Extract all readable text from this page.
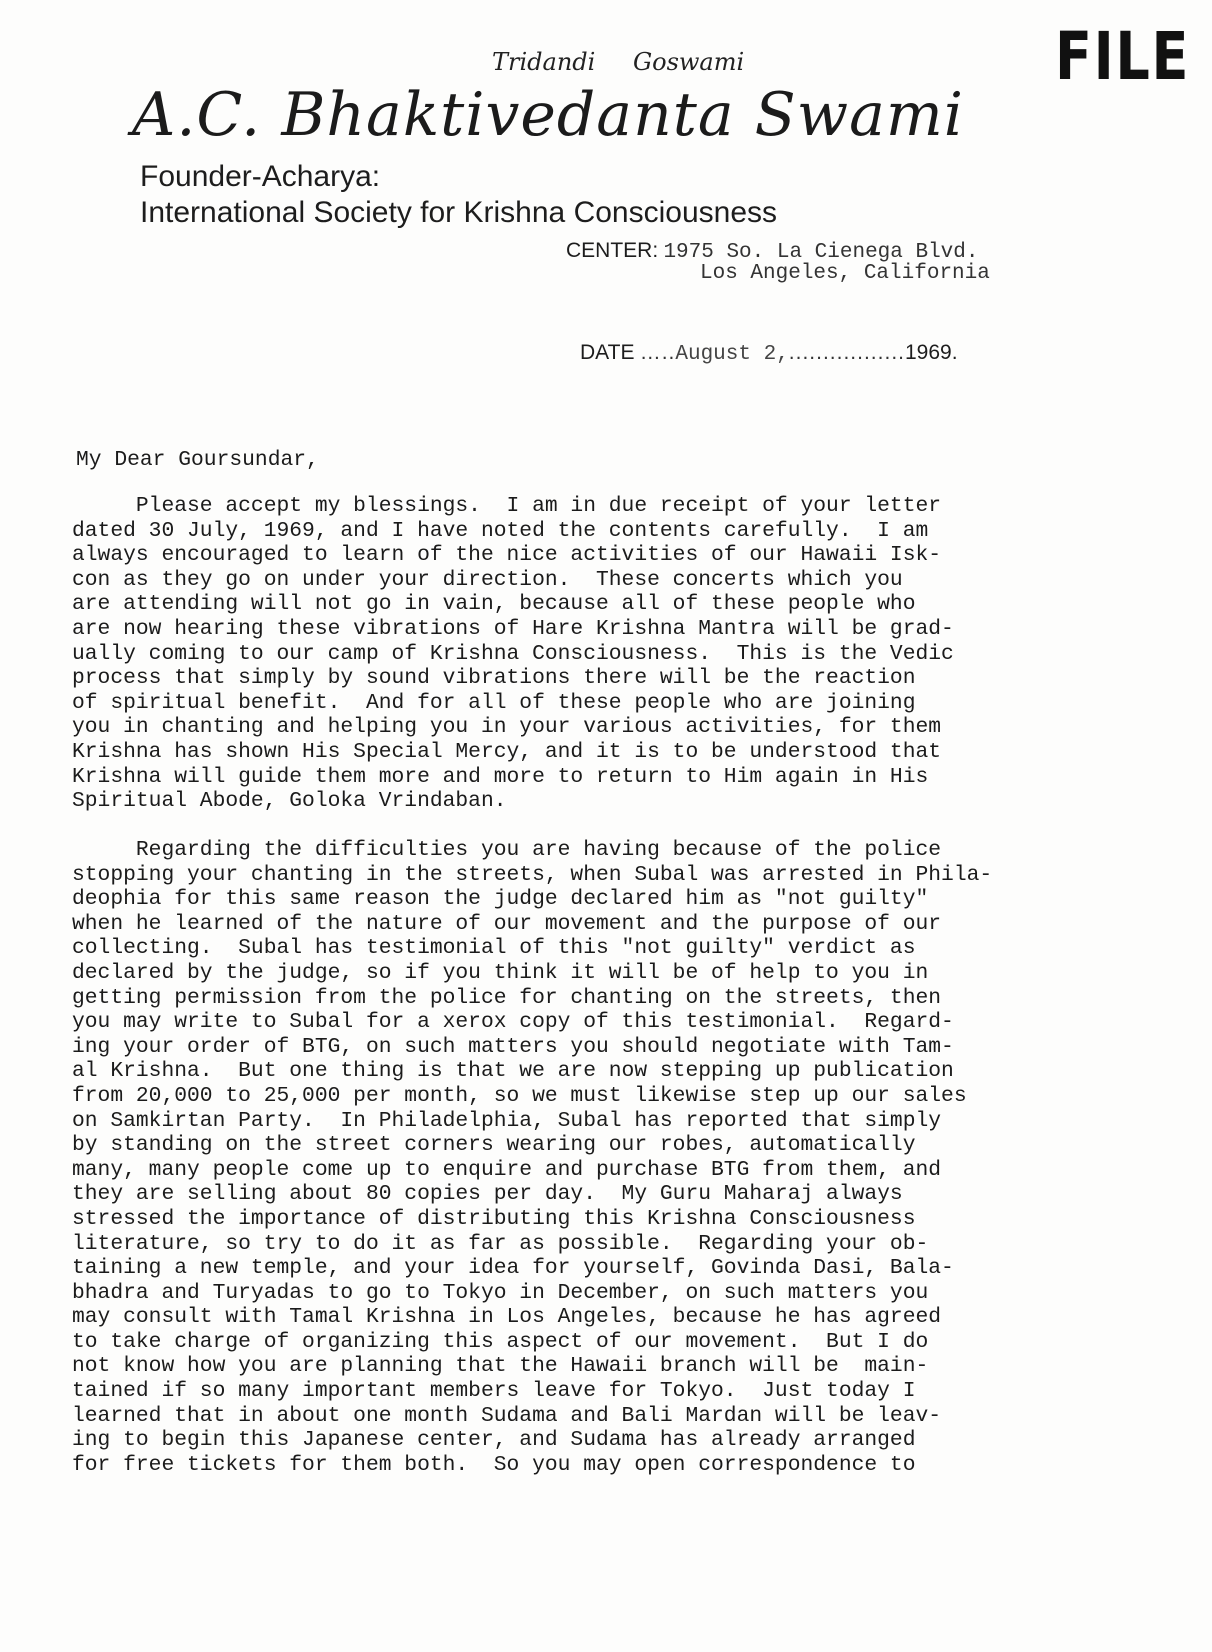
FILE
Tridandi Goswami
A.C. Bhaktivedanta Swami
Founder-Acharya:
International Society for Krishna Consciousness
CENTER: 1975 So. La Cienega Blvd.
Los Angeles, California
DATE …..August 2,.................1969.
My Dear Goursundar,
Please accept my blessings.  I am in due receipt of your letter
dated 30 July, 1969, and I have noted the contents carefully.  I am
always encouraged to learn of the nice activities of our Hawaii Isk-
con as they go on under your direction.  These concerts which you
are attending will not go in vain, because all of these people who
are now hearing these vibrations of Hare Krishna Mantra will be grad-
ually coming to our camp of Krishna Consciousness.  This is the Vedic
process that simply by sound vibrations there will be the reaction
of spiritual benefit.  And for all of these people who are joining
you in chanting and helping you in your various activities, for them
Krishna has shown His Special Mercy, and it is to be understood that
Krishna will guide them more and more to return to Him again in His
Spiritual Abode, Goloka Vrindaban.
Regarding the difficulties you are having because of the police
stopping your chanting in the streets, when Subal was arrested in Phila-
deophia for this same reason the judge declared him as "not guilty"
when he learned of the nature of our movement and the purpose of our
collecting.  Subal has testimonial of this "not guilty" verdict as
declared by the judge, so if you think it will be of help to you in
getting permission from the police for chanting on the streets, then
you may write to Subal for a xerox copy of this testimonial.  Regard-
ing your order of BTG, on such matters you should negotiate with Tam-
al Krishna.  But one thing is that we are now stepping up publication
from 20,000 to 25,000 per month, so we must likewise step up our sales
on Samkirtan Party.  In Philadelphia, Subal has reported that simply
by standing on the street corners wearing our robes, automatically
many, many people come up to enquire and purchase BTG from them, and
they are selling about 80 copies per day.  My Guru Maharaj always
stressed the importance of distributing this Krishna Consciousness
literature, so try to do it as far as possible.  Regarding your ob-
taining a new temple, and your idea for yourself, Govinda Dasi, Bala-
bhadra and Turyadas to go to Tokyo in December, on such matters you
may consult with Tamal Krishna in Los Angeles, because he has agreed
to take charge of organizing this aspect of our movement.  But I do
not know how you are planning that the Hawaii branch will be  main-
tained if so many important members leave for Tokyo.  Just today I
learned that in about one month Sudama and Bali Mardan will be leav-
ing to begin this Japanese center, and Sudama has already arranged
for free tickets for them both.  So you may open correspondence to
